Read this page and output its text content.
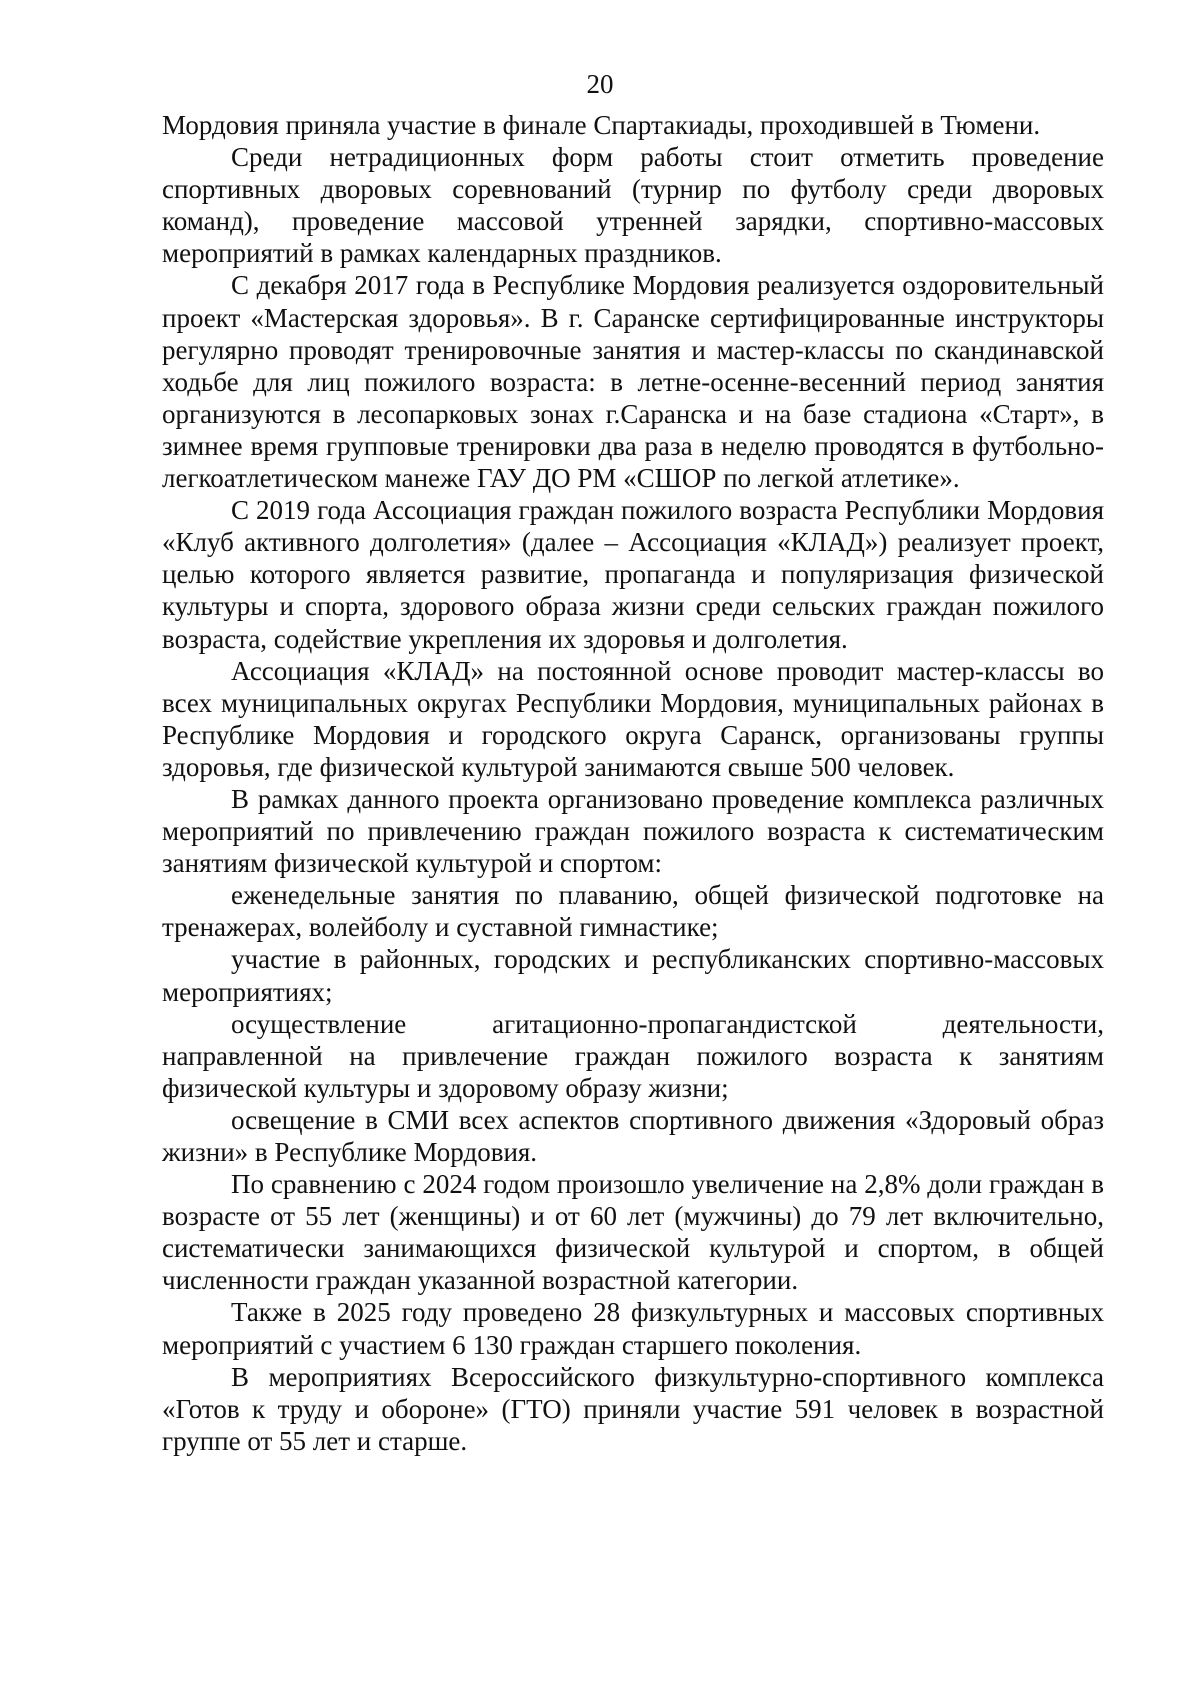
20

Мордовия приняла участие в финале Спартакиады, проходившей в Тюмени.

Среди нетрадиционных форм работы стоит отметить проведение спортивных дворовых соревнований (турнир по футболу среди дворовых команд), проведение массовой утренней зарядки, спортивно-массовых мероприятий в рамках календарных праздников.

С декабря 2017 года в Республике Мордовия реализуется оздоровительный проект «Мастерская здоровья». В г. Саранске сертифицированные инструкторы регулярно проводят тренировочные занятия и мастер-классы по скандинавской ходьбе для лиц пожилого возраста: в летне-осенне-весенний период занятия организуются в лесопарковых зонах г.Саранска и на базе стадиона «Старт», в зимнее время групповые тренировки два раза в неделю проводятся в футбольно-легкоатлетическом манеже ГАУ ДО РМ «СШОР по легкой атлетике».

С 2019 года Ассоциация граждан пожилого возраста Республики Мордовия «Клуб активного долголетия» (далее – Ассоциация «КЛАД») реализует проект, целью которого является развитие, пропаганда и популяризация физической культуры и спорта, здорового образа жизни среди сельских граждан пожилого возраста, содействие укрепления их здоровья и долголетия.

Ассоциация «КЛАД» на постоянной основе проводит мастер-классы во всех муниципальных округах Республики Мордовия, муниципальных районах в Республике Мордовия и городского округа Саранск, организованы группы здоровья, где физической культурой занимаются свыше 500 человек.

В рамках данного проекта организовано проведение комплекса различных мероприятий по привлечению граждан пожилого возраста к систематическим занятиям физической культурой и спортом:

еженедельные занятия по плаванию, общей физической подготовке на тренажерах, волейболу и суставной гимнастике;

участие в районных, городских и республиканских спортивно-массовых мероприятиях;

осуществление агитационно-пропагандистской деятельности, направленной на привлечение граждан пожилого возраста к занятиям физической культуры и здоровому образу жизни;

освещение в СМИ всех аспектов спортивного движения «Здоровый образ жизни» в Республике Мордовия.

По сравнению с 2024 годом произошло увеличение на 2,8% доли граждан в возрасте от 55 лет (женщины) и от 60 лет (мужчины) до 79 лет включительно, систематически занимающихся физической культурой и спортом, в общей численности граждан указанной возрастной категории.

Также в 2025 году проведено 28 физкультурных и массовых спортивных мероприятий с участием 6 130 граждан старшего поколения.

В мероприятиях Всероссийского физкультурно-спортивного комплекса «Готов к труду и обороне» (ГТО) приняли участие 591 человек в возрастной группе от 55 лет и старше.
